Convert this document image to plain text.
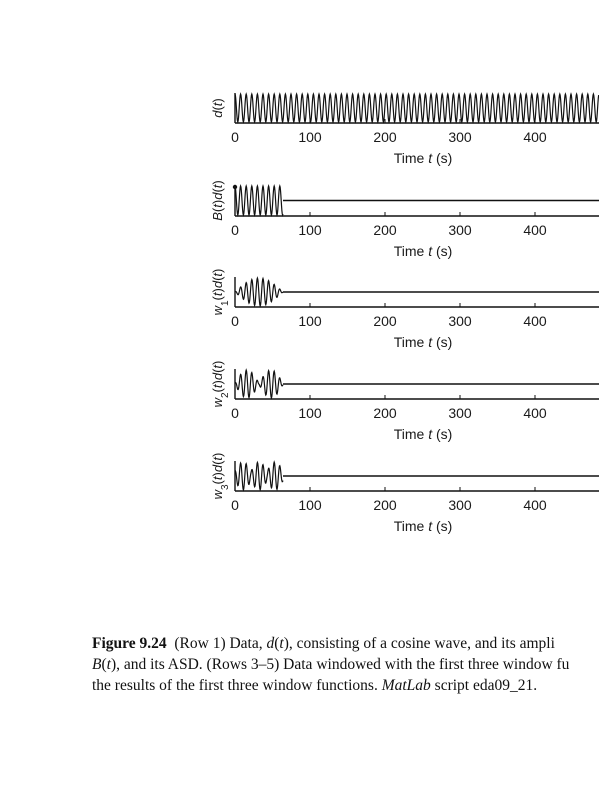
0	100	200	300	400
Time t (s)
d(t)
0	100	200	300	400
Time t (s)
B(t)d(t)
0	100	200	300	400
Time t (s)
$w_1(t)d(t)$
0	100	200	300	400
Time t (s)
$w_2(t)d(t)$
0	100	200	300	400
Time t (s)
$w_3(t)d(t)$
Figure 9.24 (Row 1) Data, d(t), consisting of a cosine wave, and its ampli
B(t), and its ASD. (Rows 3–5) Data windowed with the first three window fu
the results of the first three window functions. MatLab script eda09_21.
